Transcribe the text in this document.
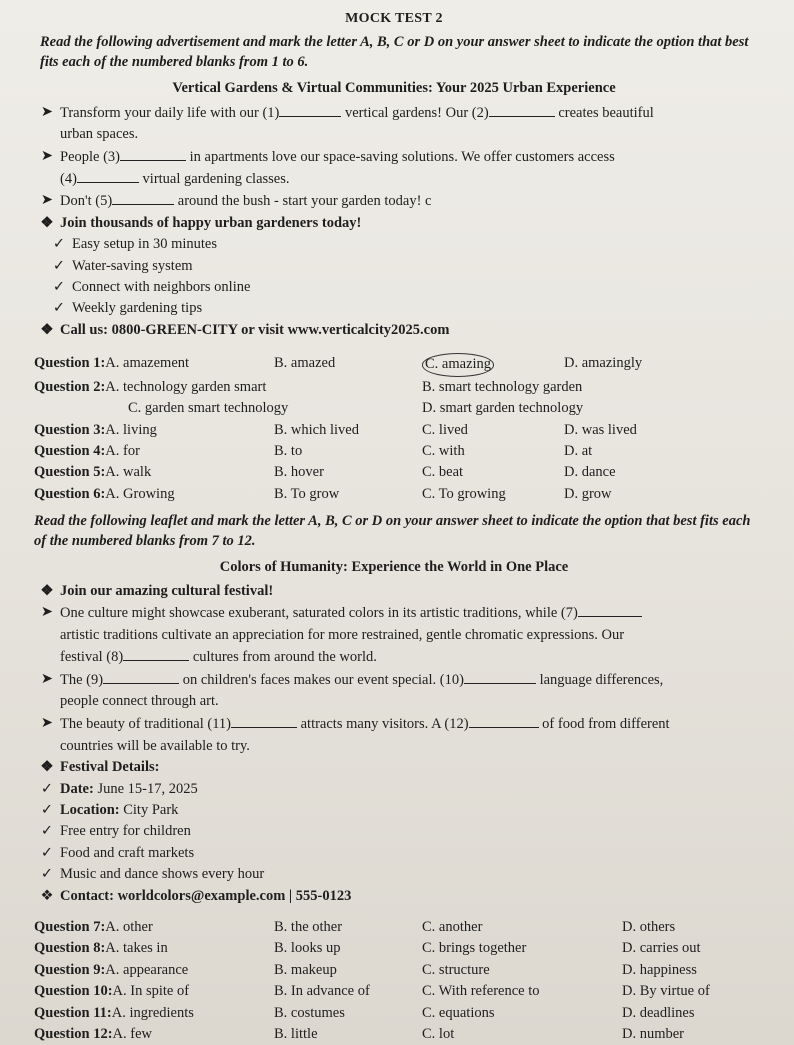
MOCK TEST 2
Read the following advertisement and mark the letter A, B, C or D on your answer sheet to indicate the option that best fits each of the numbered blanks from 1 to 6.
Vertical Gardens & Virtual Communities: Your 2025 Urban Experience
➤ Transform your daily life with our (1)	vertical gardens! Our (2)	creates beautiful
urban spaces.
➤ People (3)	in apartments love our space-saving solutions. We offer customers access
(4)	virtual gardening classes.
➤ Don't (5)	around the bush - start your garden today! c
❖ Join thousands of happy urban gardeners today!
✓ Easy setup in 30 minutes
✓ Water-saving system
✓ Connect with neighbors online
✓ Weekly gardening tips
❖ Call us: 0800-GREEN-CITY or visit www.verticalcity2025.com
Question 1:A. amazement	B. amazed	C. amazing	D. amazingly
Question 2:A. technology garden smart	B. smart technology garden
C. garden smart technology	D. smart garden technology
Question 3:A. living	B. which lived	C. lived	D. was lived
Question 4:A. for	B. to	C. with	D. at
Question 5:A. walk	B. hover	C. beat	D. dance
Question 6:A. Growing	B. To grow	C. To growing	D. grow
Read the following leaflet and mark the letter A, B, C or D on your answer sheet to indicate the option that best fits each of the numbered blanks from 7 to 12.
Colors of Humanity: Experience the World in One Place
❖ Join our amazing cultural festival!
➤ One culture might showcase exuberant, saturated colors in its artistic traditions, while (7)
artistic traditions cultivate an appreciation for more restrained, gentle chromatic expressions. Our
festival (8)	cultures from around the world.
➤ The (9)	on children's faces makes our event special. (10)	language differences,
people connect through art.
➤ The beauty of traditional (11)	attracts many visitors. A (12)	of food from different
countries will be available to try.
❖ Festival Details:
✓ Date: June 15-17, 2025
✓ Location: City Park
✓ Free entry for children
✓ Food and craft markets
✓ Music and dance shows every hour
❖ Contact: worldcolors@example.com | 555-0123
Question 7:A. other	B. the other	C. another	D. others
Question 8:A. takes in	B. looks up	C. brings together	D. carries out
Question 9:A. appearance	B. makeup	C. structure	D. happiness
Question 10:A. In spite of	B. In advance of	C. With reference to	D. By virtue of
Question 11:A. ingredients	B. costumes	C. equations	D. deadlines
Question 12:A. few	B. little	C. lot	D. number
